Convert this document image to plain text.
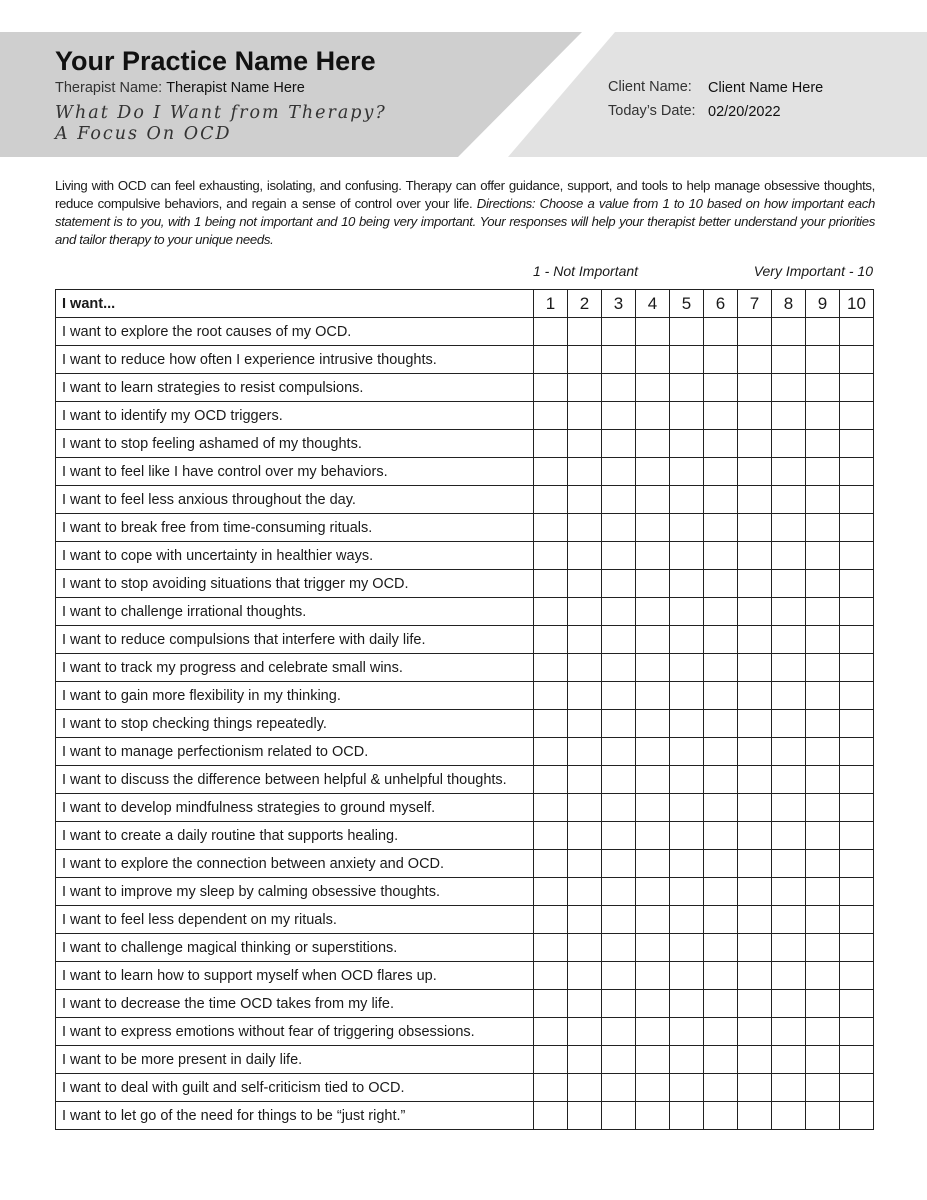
Your Practice Name Here
Therapist Name: Therapist Name Here
What Do I Want from Therapy?
A Focus On OCD
Client Name: Client Name Here
Today’s Date: 02/20/2022
Living with OCD can feel exhausting, isolating, and confusing. Therapy can offer guidance, support, and tools to help manage obsessive thoughts, reduce compulsive behaviors, and regain a sense of control over your life. Directions: Choose a value from 1 to 10 based on how important each statement is to you, with 1 being not important and 10 being very important. Your responses will help your therapist better understand your priorities and tailor therapy to your unique needs.
1 - Not Important	Very Important - 10
I want...	1	2	3	4	5	6	7	8	9	10
I want to explore the root causes of my OCD.										
I want to reduce how often I experience intrusive thoughts.										
I want to learn strategies to resist compulsions.										
I want to identify my OCD triggers.										
I want to stop feeling ashamed of my thoughts.										
I want to feel like I have control over my behaviors.										
I want to feel less anxious throughout the day.										
I want to break free from time-consuming rituals.										
I want to cope with uncertainty in healthier ways.										
I want to stop avoiding situations that trigger my OCD.										
I want to challenge irrational thoughts.										
I want to reduce compulsions that interfere with daily life.										
I want to track my progress and celebrate small wins.										
I want to gain more flexibility in my thinking.										
I want to stop checking things repeatedly.										
I want to manage perfectionism related to OCD.										
I want to discuss the difference between helpful & unhelpful thoughts.										
I want to develop mindfulness strategies to ground myself.										
I want to create a daily routine that supports healing.										
I want to explore the connection between anxiety and OCD.										
I want to improve my sleep by calming obsessive thoughts.										
I want to feel less dependent on my rituals.										
I want to challenge magical thinking or superstitions.										
I want to learn how to support myself when OCD flares up.										
I want to decrease the time OCD takes from my life.										
I want to express emotions without fear of triggering obsessions.										
I want to be more present in daily life.										
I want to deal with guilt and self-criticism tied to OCD.										
I want to let go of the need for things to be “just right.”										
